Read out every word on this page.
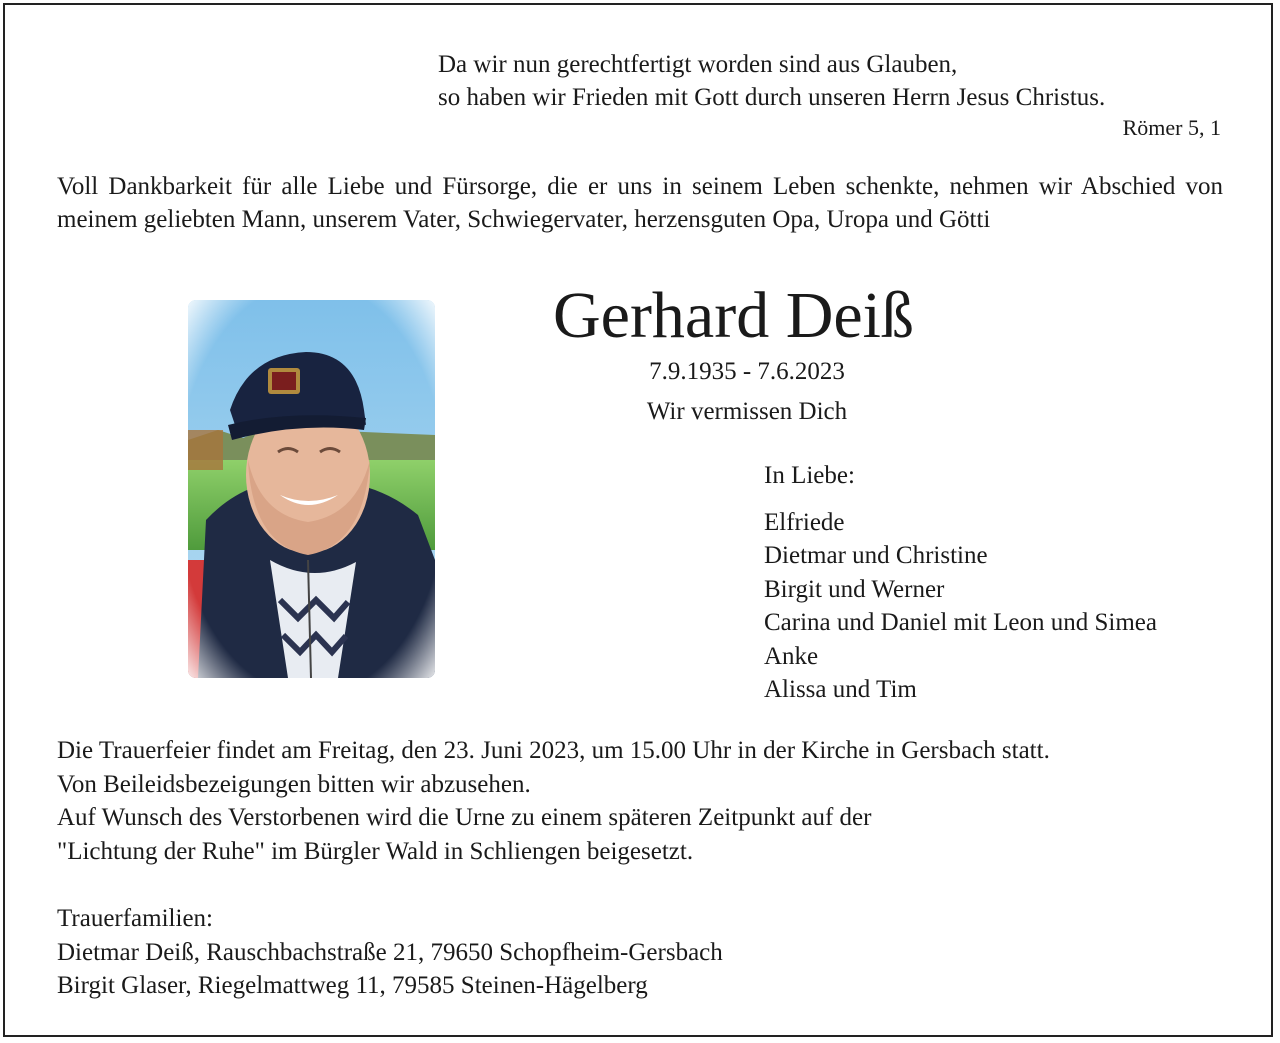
Da wir nun gerechtfertigt worden sind aus Glauben,
so haben wir Frieden mit Gott durch unseren Herrn Jesus Christus.
Römer 5, 1
Voll Dankbarkeit für alle Liebe und Fürsorge, die er uns in seinem Leben schenkte, nehmen wir Abschied von meinem geliebten Mann, unserem Vater, Schwiegervater, herzensguten Opa, Uropa und Götti
Gerhard Deiß
7.9.1935 - 7.6.2023
Wir vermissen Dich
In Liebe:
Elfriede
Dietmar und Christine
Birgit und Werner
Carina und Daniel mit Leon und Simea
Anke
Alissa und Tim
Die Trauerfeier findet am Freitag, den 23. Juni 2023, um 15.00 Uhr in der Kirche in Gersbach statt.
Von Beileidsbezeigungen bitten wir abzusehen.
Auf Wunsch des Verstorbenen wird die Urne zu einem späteren Zeitpunkt auf der
"Lichtung der Ruhe" im Bürgler Wald in Schliengen beigesetzt.
Trauerfamilien:
Dietmar Deiß, Rauschbachstraße 21, 79650 Schopfheim-Gersbach
Birgit Glaser, Riegelmattweg 11, 79585 Steinen-Hägelberg
